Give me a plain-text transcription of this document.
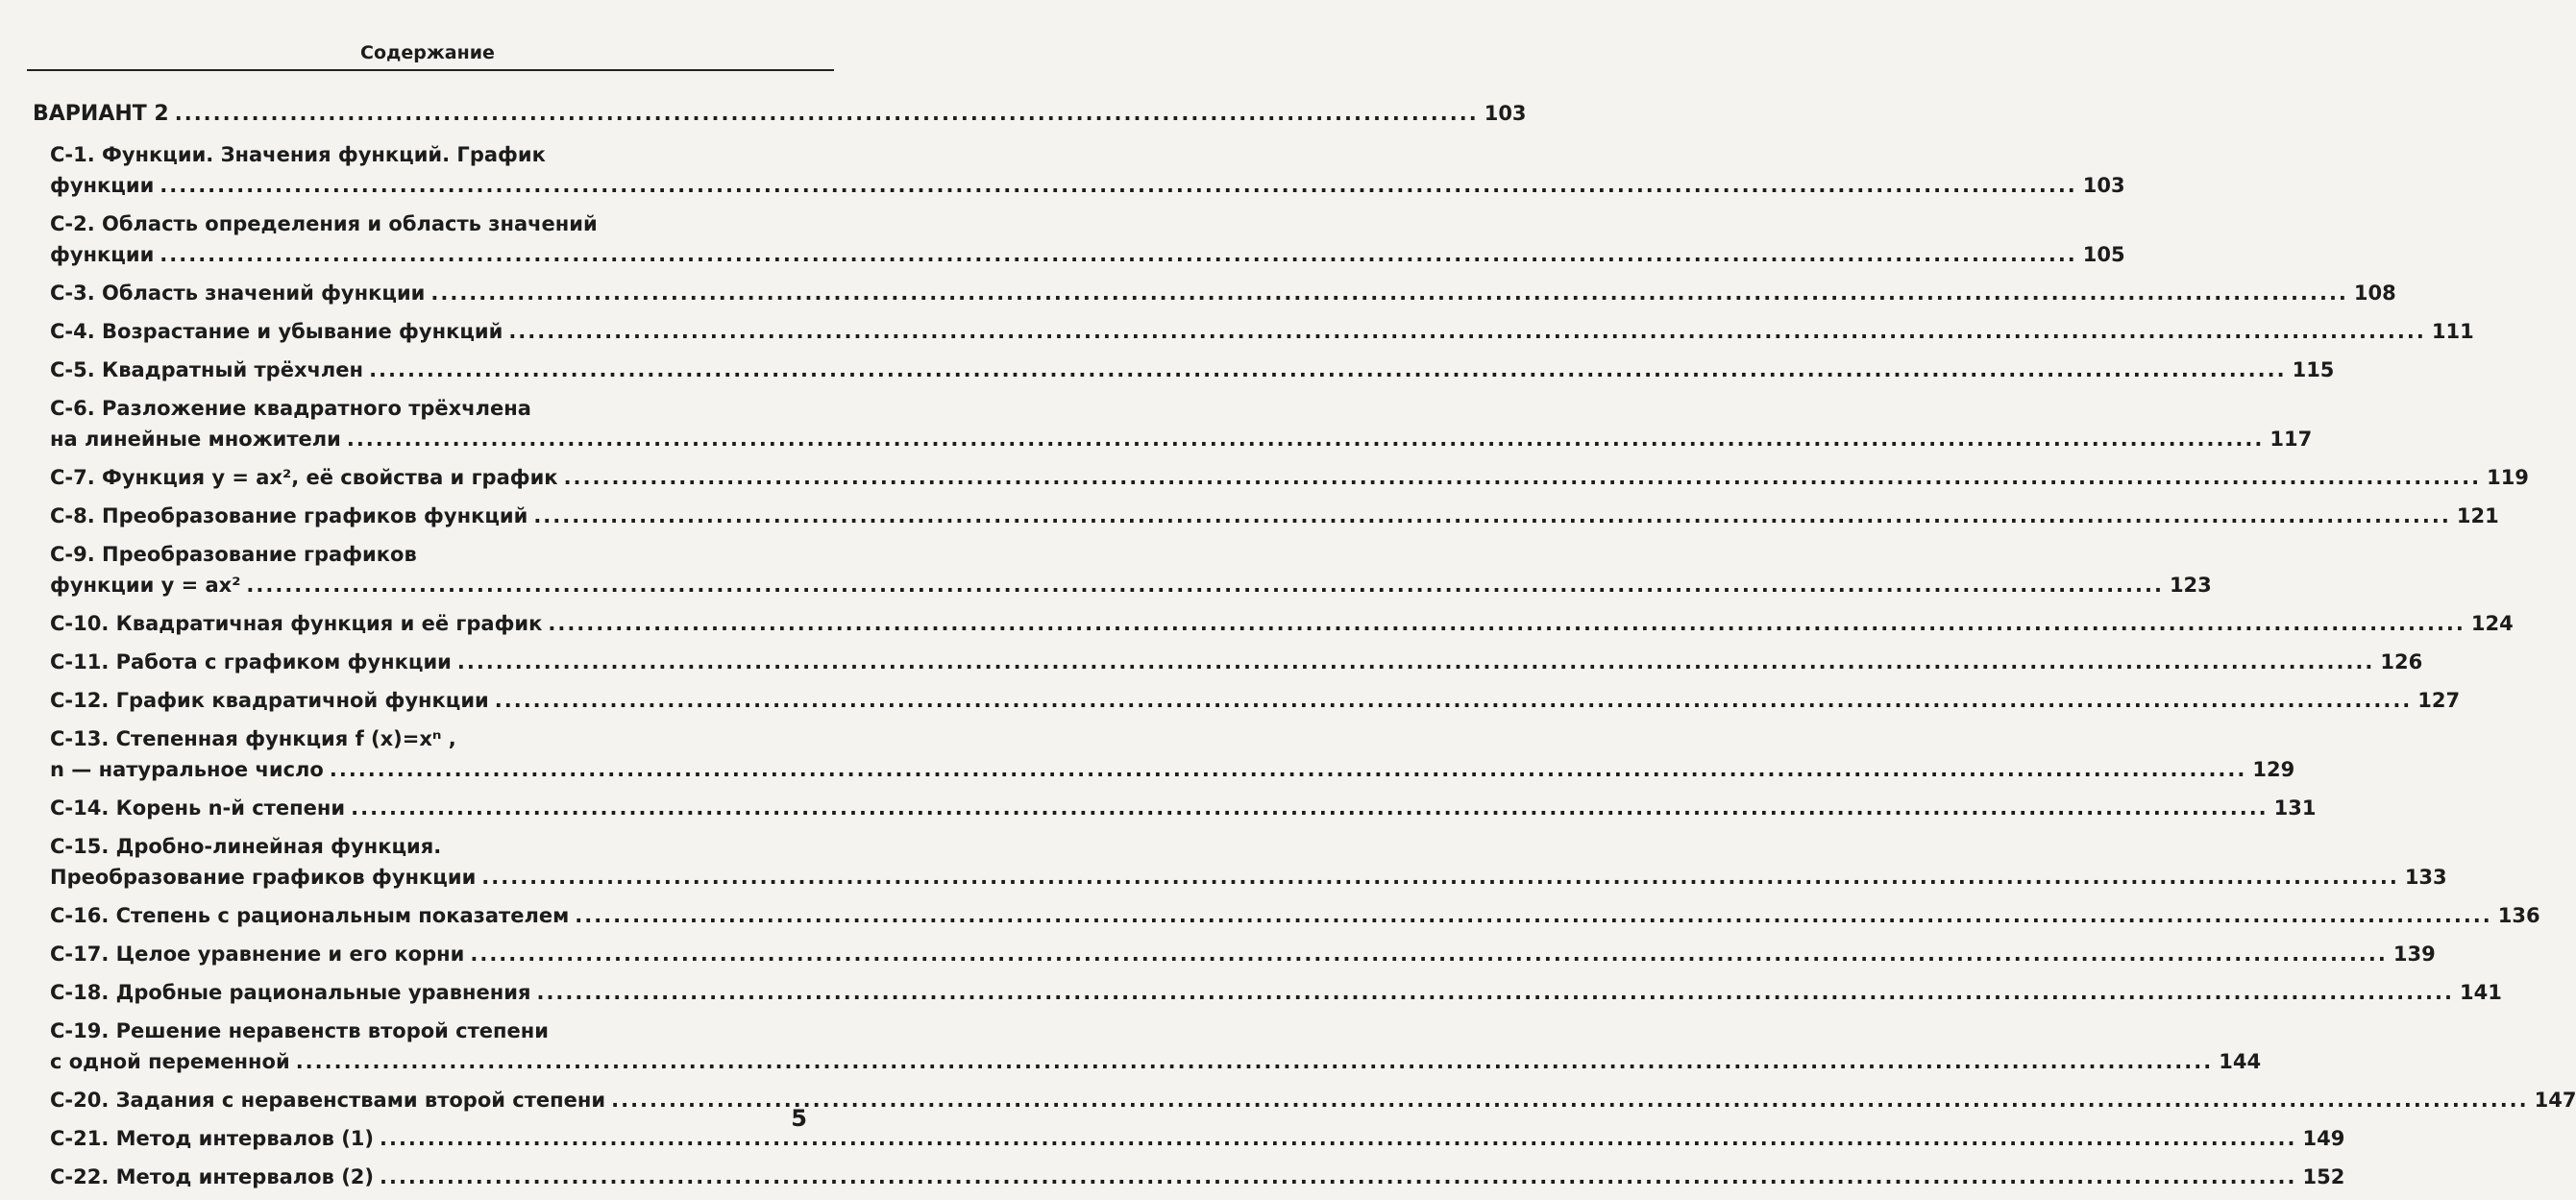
Содержание
ВАРИАНТ 2 ........................................................................................................................................ 103
С-1. Функции. Значения функций. График
функции ........................................................................................................................................................................................................ 103
С-2. Область определения и область значений
функции ........................................................................................................................................................................................................ 105
С-3. Область значений функции ........................................................................................................................................................................................................ 108
С-4. Возрастание и убывание функций ........................................................................................................................................................................................................ 111
С-5. Квадратный трёхчлен ........................................................................................................................................................................................................ 115
С-6. Разложение квадратного трёхчлена
на линейные множители ........................................................................................................................................................................................................ 117
С-7. Функция y = ax², её свойства и график ........................................................................................................................................................................................................ 119
С-8. Преобразование графиков функций ........................................................................................................................................................................................................ 121
С-9. Преобразование графиков
функции y = ax² ........................................................................................................................................................................................................ 123
С-10. Квадратичная функция и её график ........................................................................................................................................................................................................ 124
С-11. Работа с графиком функции ........................................................................................................................................................................................................ 126
С-12. График квадратичной функции ........................................................................................................................................................................................................ 127
С-13. Степенная функция f (x)=xⁿ ,
n — натуральное число ........................................................................................................................................................................................................ 129
С-14. Корень n-й степени ........................................................................................................................................................................................................ 131
С-15. Дробно-линейная функция.
Преобразование графиков функции ........................................................................................................................................................................................................ 133
С-16. Степень с рациональным показателем ........................................................................................................................................................................................................ 136
С-17. Целое уравнение и его корни ........................................................................................................................................................................................................ 139
С-18. Дробные рациональные уравнения ........................................................................................................................................................................................................ 141
С-19. Решение неравенств второй степени
с одной переменной ........................................................................................................................................................................................................ 144
С-20. Задания с неравенствами второй степени ........................................................................................................................................................................................................ 147
С-21. Метод интервалов (1) ........................................................................................................................................................................................................ 149
С-22. Метод интервалов (2) ........................................................................................................................................................................................................ 152
5
